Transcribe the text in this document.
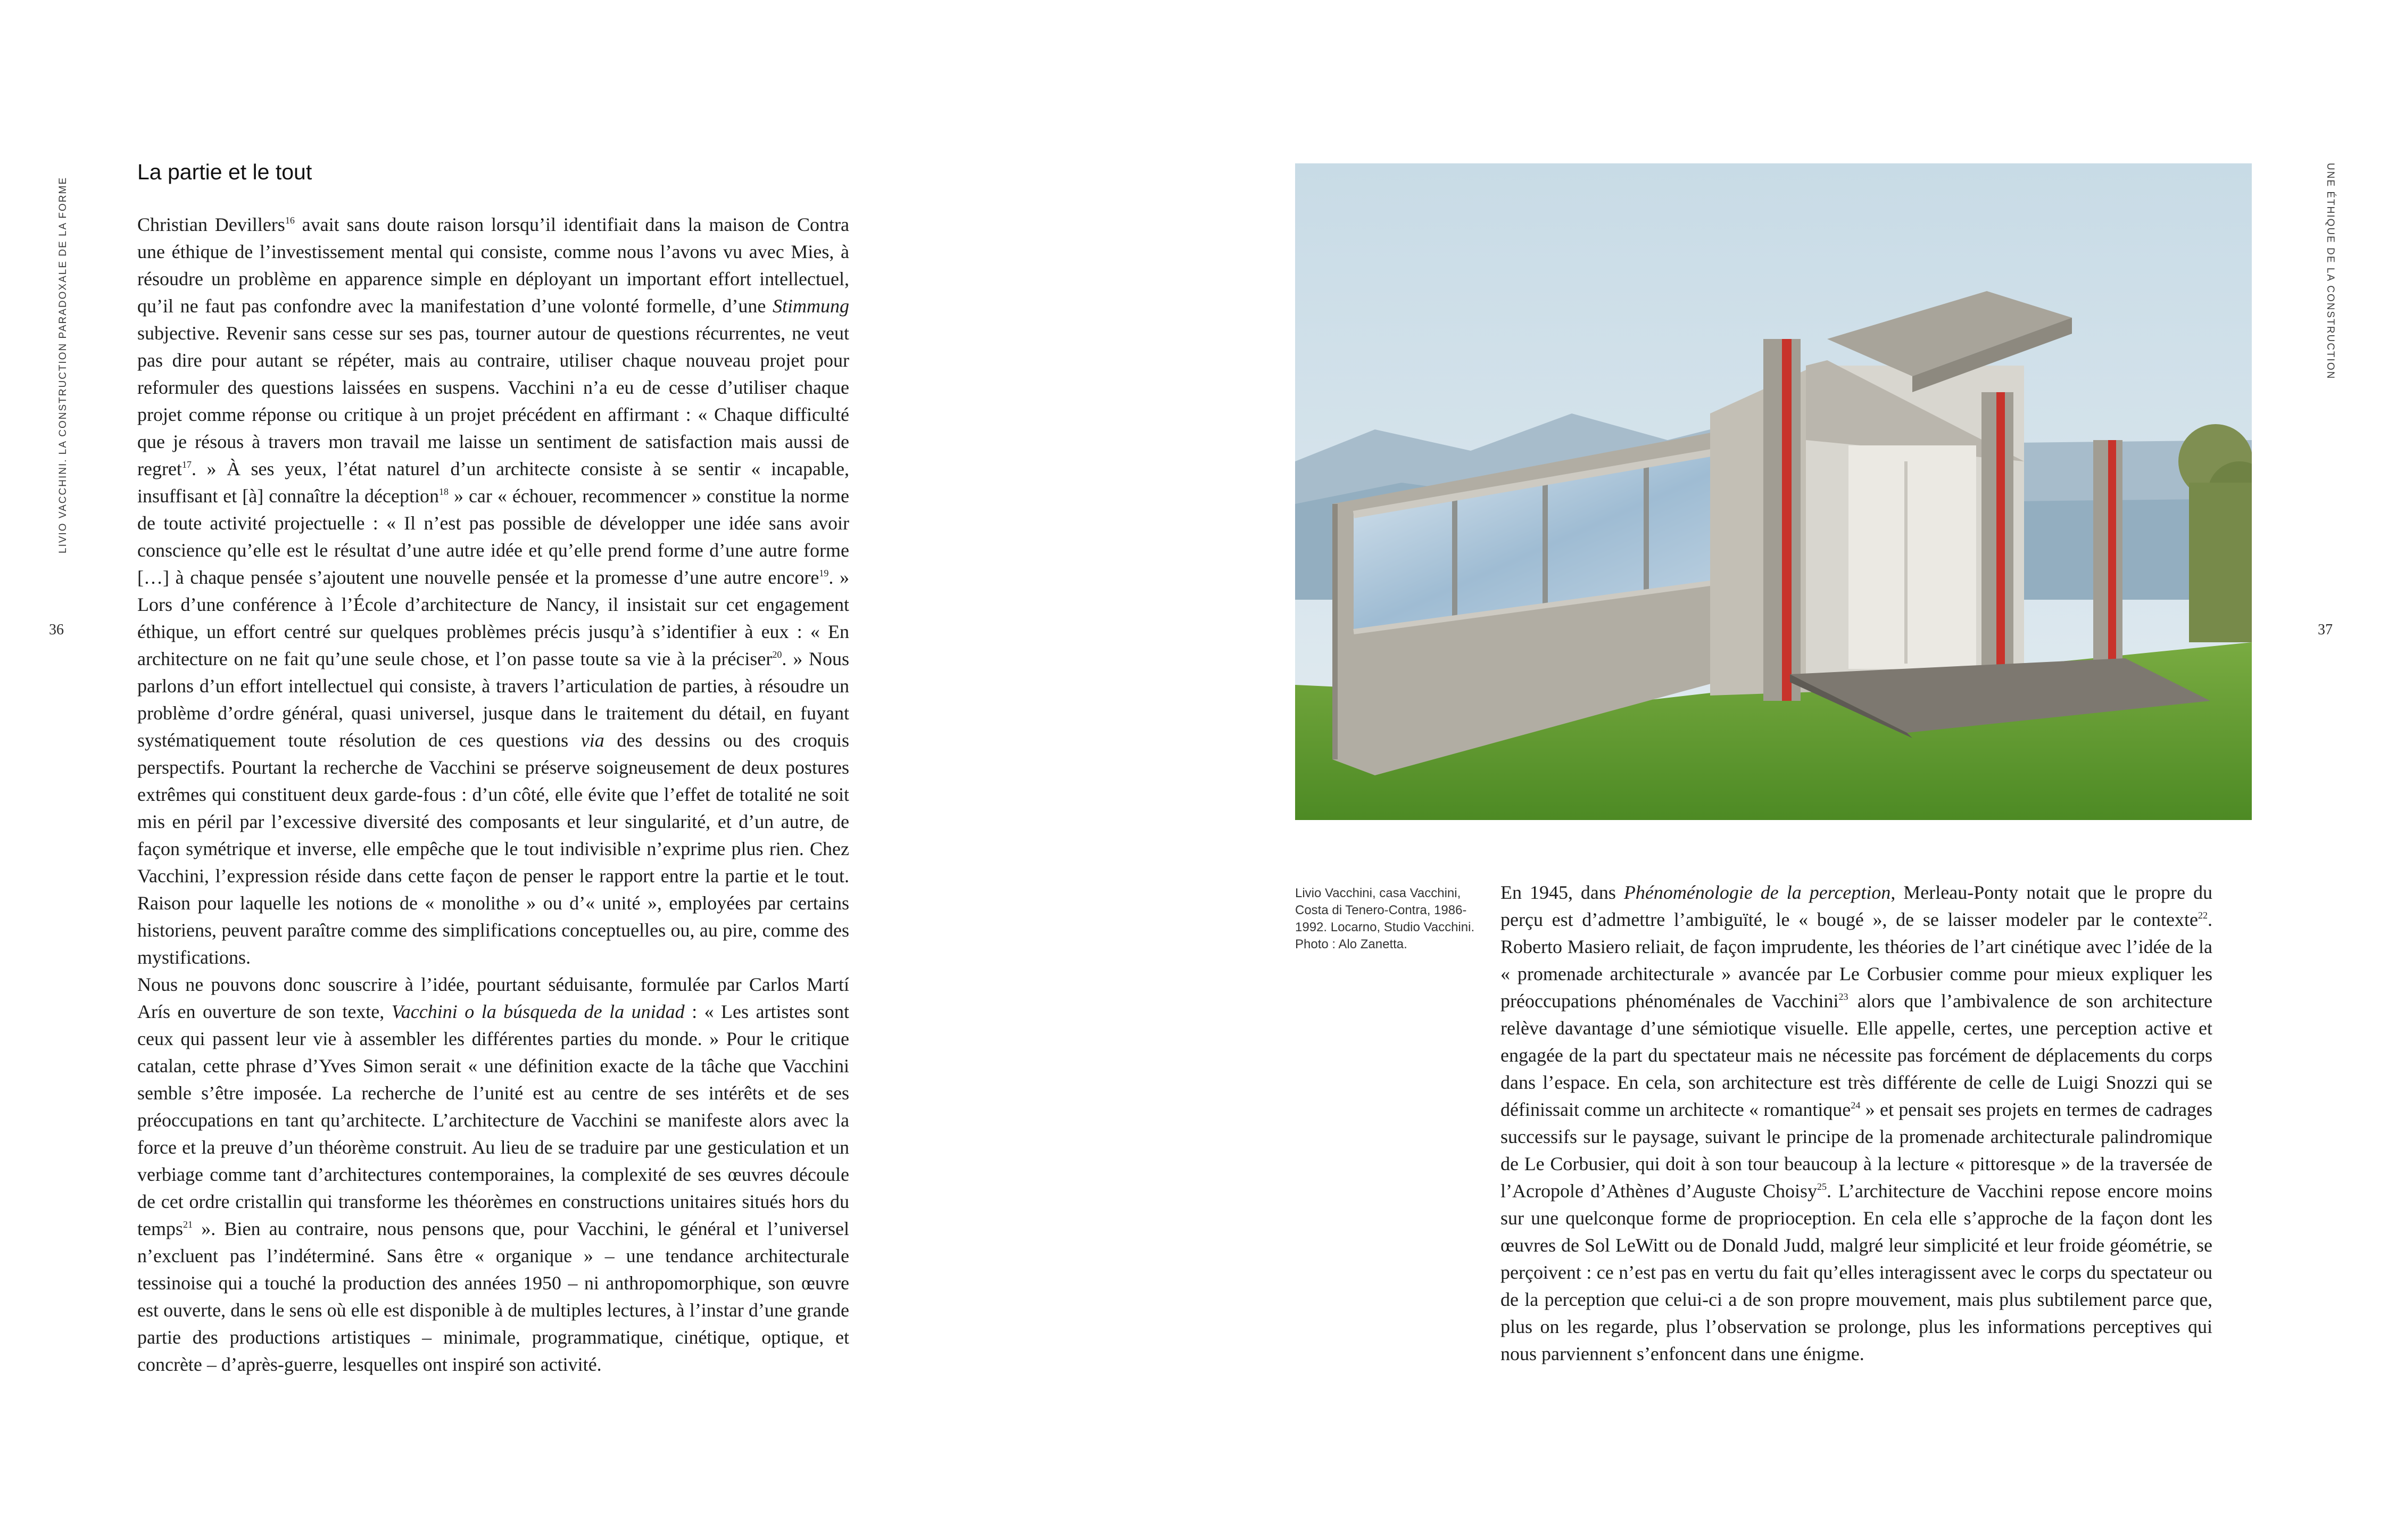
LIVIO VACCHINI. LA CONSTRUCTION PARADOXALE DE LA FORME	UNE ÉTHIQUE DE LA CONSTRUCTION
36	37
La partie et le tout

Christian Devillers$^{16}$ avait sans doute raison lorsqu’il identifiait dans la maison de Contra une éthique de l’investissement mental qui consiste, comme nous l’avons vu avec Mies, à résoudre un problème en apparence simple en déployant un important effort intellectuel, qu’il ne faut pas confondre avec la manifestation d’une volonté formelle, d’une Stimmung subjective. Revenir sans cesse sur ses pas, tourner autour de questions récurrentes, ne veut pas dire pour autant se répéter, mais au contraire, utiliser chaque nouveau projet pour reformuler des questions laissées en suspens. Vacchini n’a eu de cesse d’utiliser chaque projet comme réponse ou critique à un projet précédent en affirmant : « Chaque difficulté que je résous à travers mon travail me laisse un sentiment de satisfaction mais aussi de regret$^{17}$. » À ses yeux, l’état naturel d’un architecte consiste à se sentir « incapable, insuffisant et [à] connaître la déception$^{18}$ » car « échouer, recommencer » constitue la norme de toute activité projectuelle : « Il n’est pas possible de développer une idée sans avoir conscience qu’elle est le résultat d’une autre idée et qu’elle prend forme d’une autre forme […] à chaque pensée s’ajoutent une nouvelle pensée et la promesse d’une autre encore$^{19}$. » Lors d’une conférence à l’École d’architecture de Nancy, il insistait sur cet engagement éthique, un effort centré sur quelques problèmes précis jusqu’à s’identifier à eux : « En architecture on ne fait qu’une seule chose, et l’on passe toute sa vie à la préciser$^{20}$. » Nous parlons d’un effort intellectuel qui consiste, à travers l’articulation de parties, à résoudre un problème d’ordre général, quasi universel, jusque dans le traitement du détail, en fuyant systématiquement toute résolution de ces questions via des dessins ou des croquis perspectifs. Pourtant la recherche de Vacchini se préserve soigneusement de deux postures extrêmes qui constituent deux garde-fous : d’un côté, elle évite que l’effet de totalité ne soit mis en péril par l’excessive diversité des composants et leur singularité, et d’un autre, de façon symétrique et inverse, elle empêche que le tout indivisible n’exprime plus rien. Chez Vacchini, l’expression réside dans cette façon de penser le rapport entre la partie et le tout. Raison pour laquelle les notions de « monolithe » ou d’« unité », employées par certains historiens, peuvent paraître comme des simplifications conceptuelles ou, au pire, comme des mystifications.

Nous ne pouvons donc souscrire à l’idée, pourtant séduisante, formulée par Carlos Martí Arís en ouverture de son texte, Vacchini o la búsqueda de la unidad : « Les artistes sont ceux qui passent leur vie à assembler les différentes parties du monde. » Pour le critique catalan, cette phrase d’Yves Simon serait « une définition exacte de la tâche que Vacchini semble s’être imposée. La recherche de l’unité est au centre de ses intérêts et de ses préoccupations en tant qu’architecte. L’architecture de Vacchini se manifeste alors avec la force et la preuve d’un théorème construit. Au lieu de se traduire par une gesticulation et un verbiage comme tant d’architectures contemporaines, la complexité de ses œuvres découle de cet ordre cristallin qui transforme les théorèmes en constructions unitaires situés hors du temps$^{21}$ ». Bien au contraire, nous pensons que, pour Vacchini, le général et l’universel n’excluent pas l’indéterminé. Sans être « organique » – une tendance architecturale tessinoise qui a touché la production des années 1950 – ni anthropomorphique, son œuvre est ouverte, dans le sens où elle est disponible à de multiples lectures, à l’instar d’une grande partie des productions artistiques – minimale, programmatique, cinétique, optique, et concrète – d’après-guerre, lesquelles ont inspiré son activité.

Livio Vacchini, casa Vacchini, Costa di Tenero-Contra, 1986-1992. Locarno, Studio Vacchini. Photo : Alo Zanetta.

En 1945, dans Phénoménologie de la perception, Merleau-Ponty notait que le propre du perçu est d’admettre l’ambiguïté, le « bougé », de se laisser modeler par le contexte$^{22}$. Roberto Masiero reliait, de façon imprudente, les théories de l’art cinétique avec l’idée de la « promenade architecturale » avancée par Le Corbusier comme pour mieux expliquer les préoccupations phénoménales de Vacchini$^{23}$ alors que l’ambivalence de son architecture relève davantage d’une sémiotique visuelle. Elle appelle, certes, une perception active et engagée de la part du spectateur mais ne nécessite pas forcément de déplacements du corps dans l’espace. En cela, son architecture est très différente de celle de Luigi Snozzi qui se définissait comme un architecte « romantique$^{24}$ » et pensait ses projets en termes de cadrages successifs sur le paysage, suivant le principe de la promenade architecturale palindromique de Le Corbusier, qui doit à son tour beaucoup à la lecture « pittoresque » de la traversée de l’Acropole d’Athènes d’Auguste Choisy$^{25}$. L’architecture de Vacchini repose encore moins sur une quelconque forme de proprioception. En cela elle s’approche de la façon dont les œuvres de Sol LeWitt ou de Donald Judd, malgré leur simplicité et leur froide géométrie, se perçoivent : ce n’est pas en vertu du fait qu’elles interagissent avec le corps du spectateur ou de la perception que celui-ci a de son propre mouvement, mais plus subtilement parce que, plus on les regarde, plus l’observation se prolonge, plus les informations perceptives qui nous parviennent s’enfoncent dans une énigme.
